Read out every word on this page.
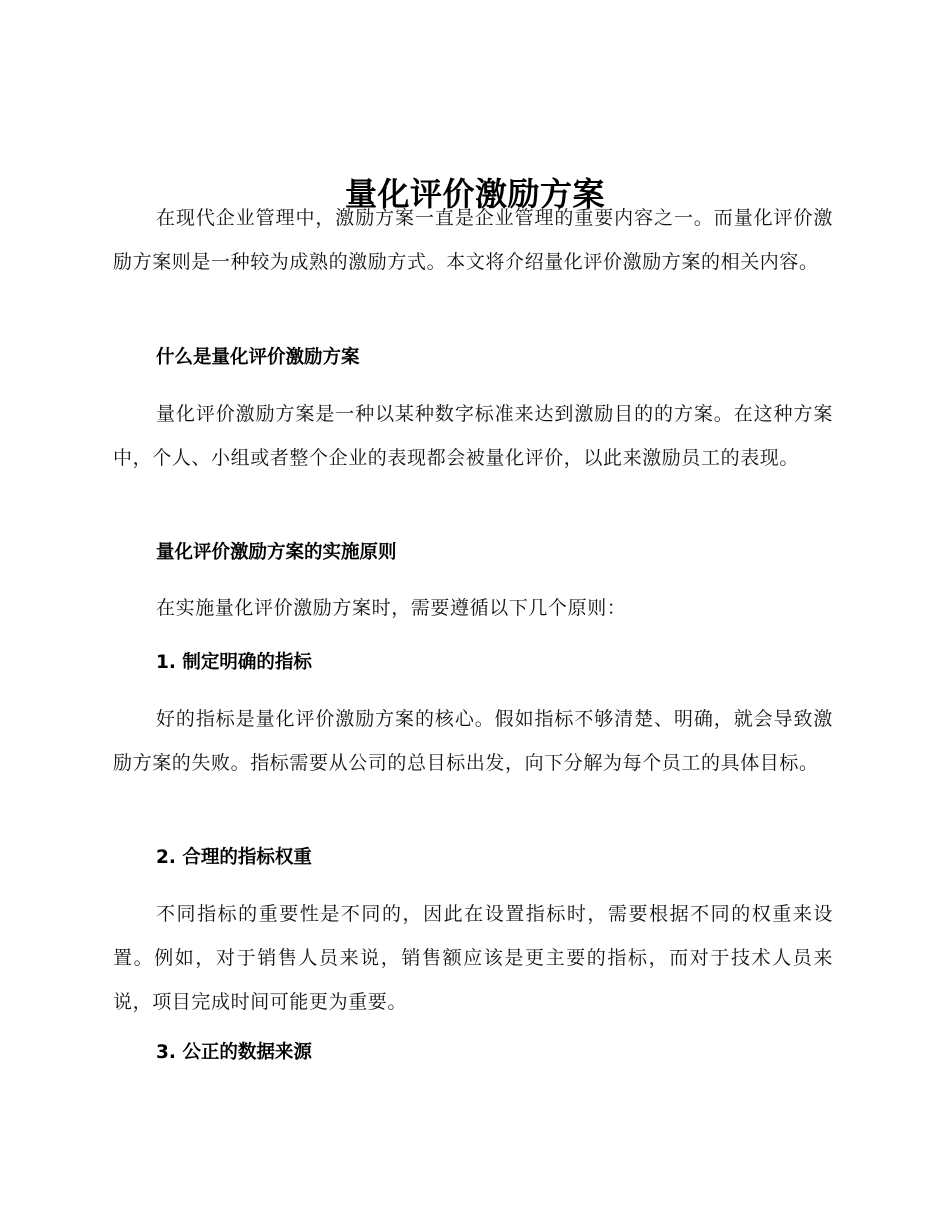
量化评价激励方案

在现代企业管理中，激励方案一直是企业管理的重要内容之一。而量化评价激励方案则是一种较为成熟的激励方式。本文将介绍量化评价激励方案的相关内容。

什么是量化评价激励方案

量化评价激励方案是一种以某种数字标准来达到激励目的的方案。在这种方案中，个人、小组或者整个企业的表现都会被量化评价，以此来激励员工的表现。

量化评价激励方案的实施原则

在实施量化评价激励方案时，需要遵循以下几个原则：

1. 制定明确的指标

好的指标是量化评价激励方案的核心。假如指标不够清楚、明确，就会导致激励方案的失败。指标需要从公司的总目标出发，向下分解为每个员工的具体目标。

2. 合理的指标权重

不同指标的重要性是不同的，因此在设置指标时，需要根据不同的权重来设置。例如，对于销售人员来说，销售额应该是更主要的指标，而对于技术人员来说，项目完成时间可能更为重要。

3. 公正的数据来源
